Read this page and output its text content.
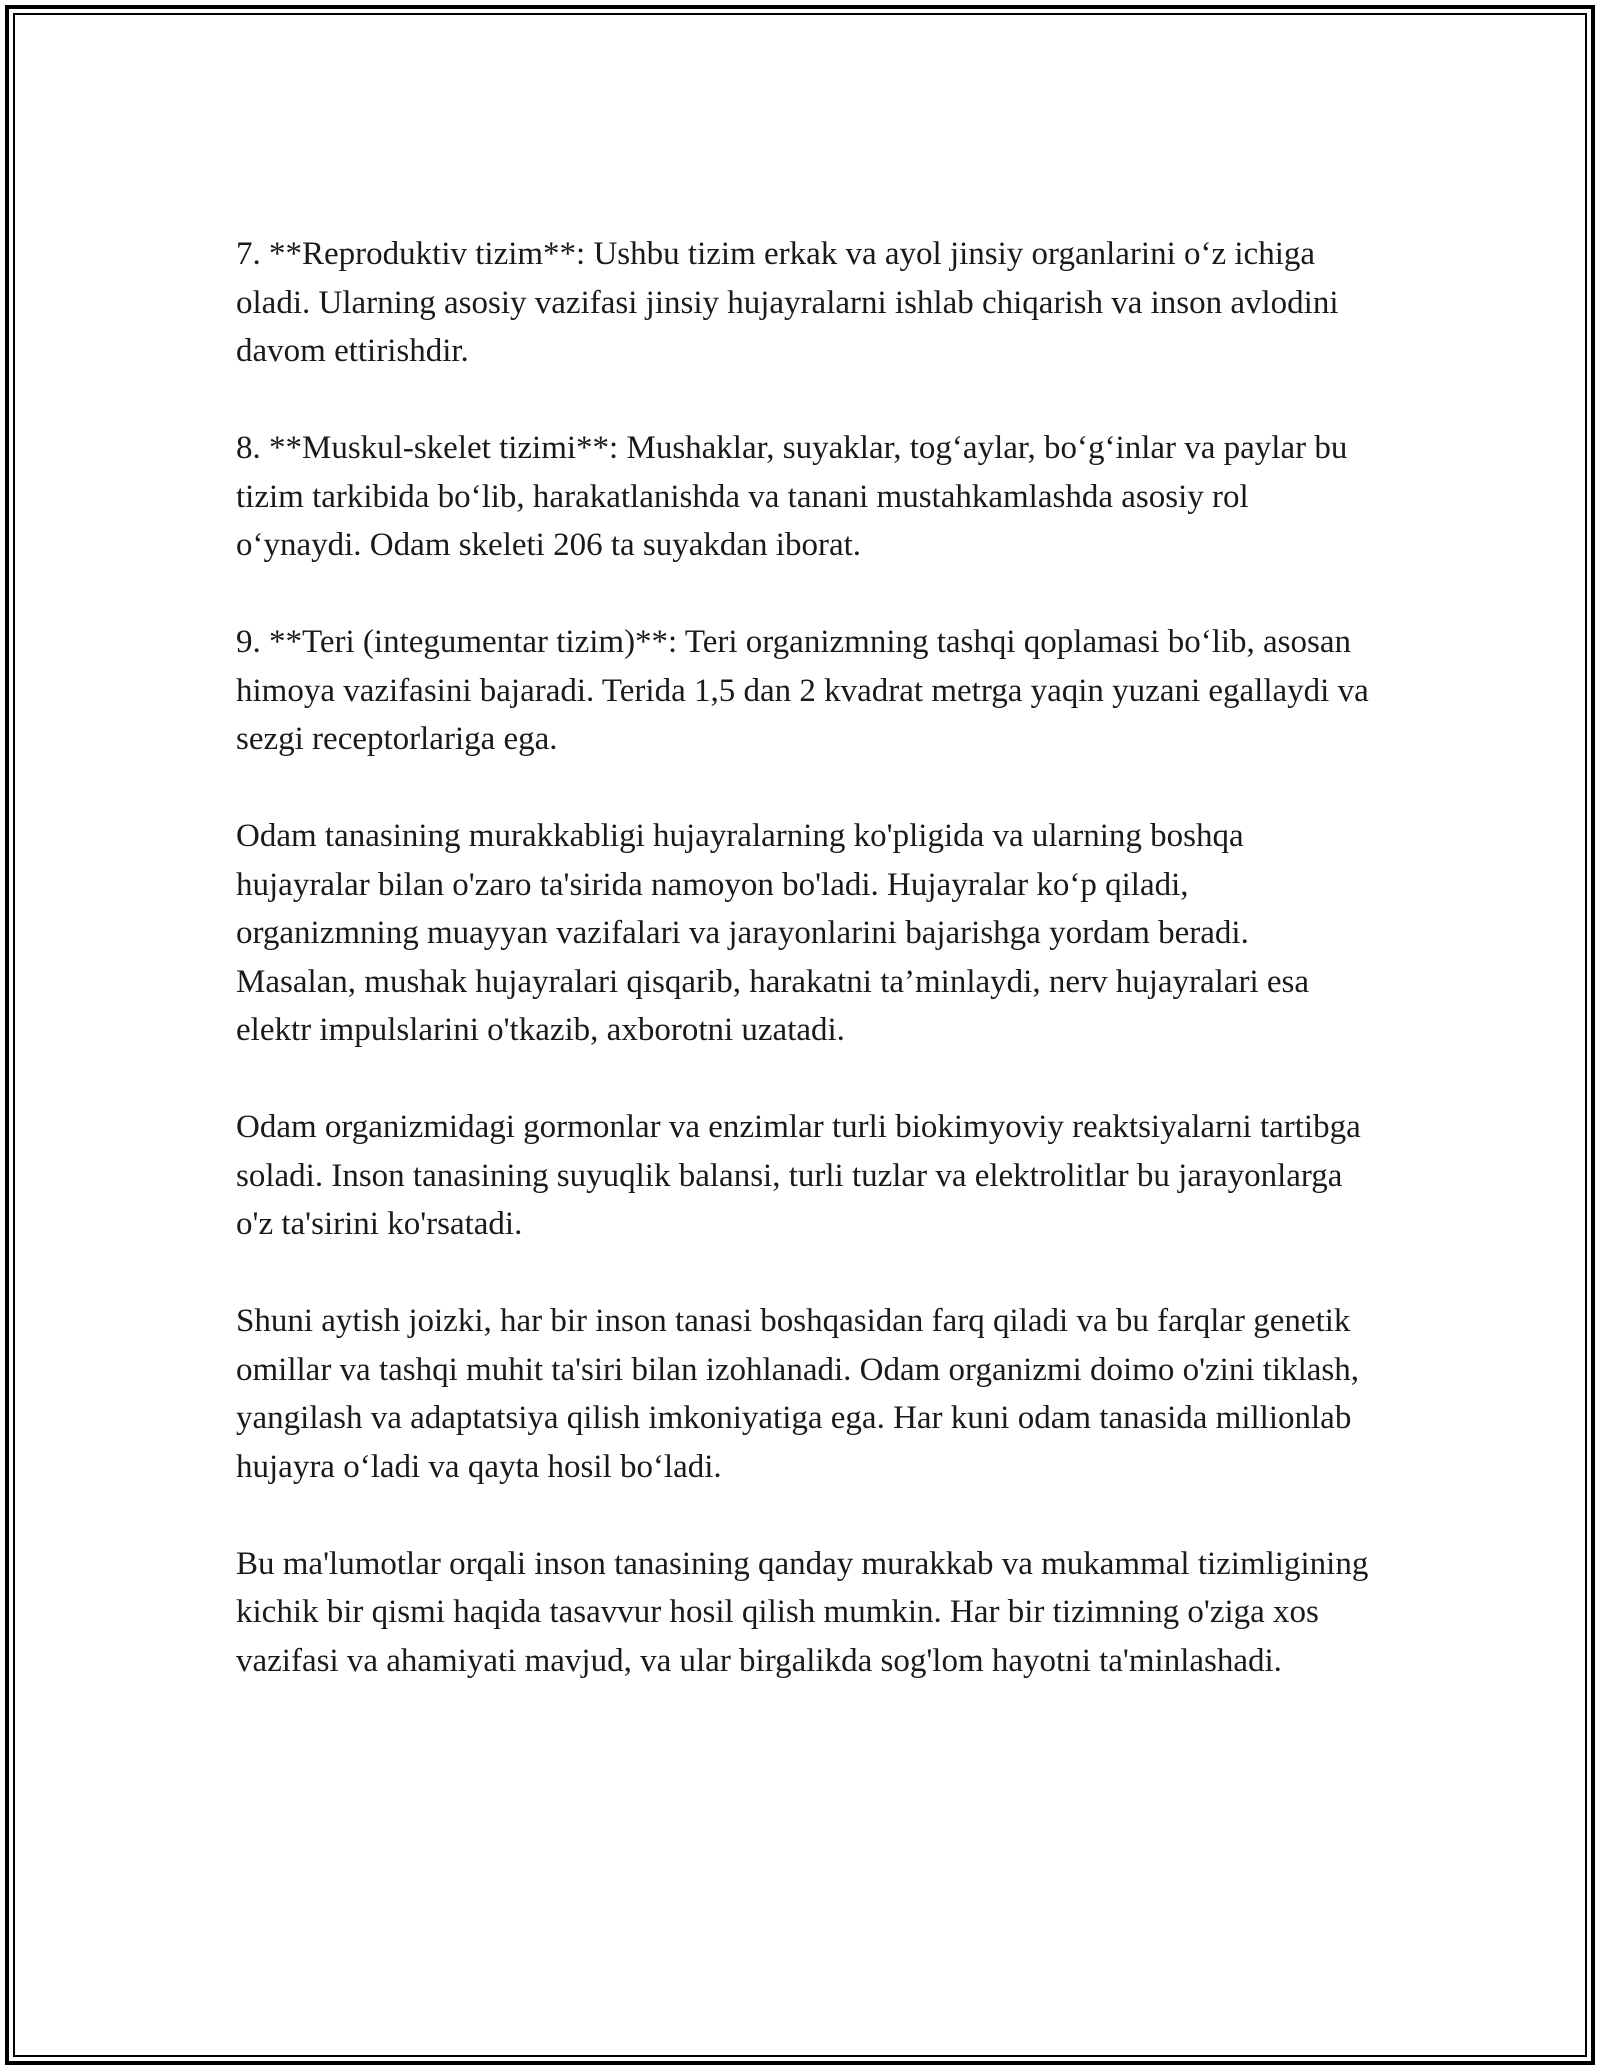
7. **Reproduktiv tizim**: Ushbu tizim erkak va ayol jinsiy organlarini o‘z ichiga oladi. Ularning asosiy vazifasi jinsiy hujayralarni ishlab chiqarish va inson avlodini davom ettirishdir.

8. **Muskul-skelet tizimi**: Mushaklar, suyaklar, tog‘aylar, bo‘g‘inlar va paylar bu tizim tarkibida bo‘lib, harakatlanishda va tanani mustahkamlashda asosiy rol o‘ynaydi. Odam skeleti 206 ta suyakdan iborat.

9. **Teri (integumentar tizim)**: Teri organizmning tashqi qoplamasi bo‘lib, asosan himoya vazifasini bajaradi. Terida 1,5 dan 2 kvadrat metrga yaqin yuzani egallaydi va sezgi receptorlariga ega.

Odam tanasining murakkabligi hujayralarning ko'pligida va ularning boshqa hujayralar bilan o'zaro ta'sirida namoyon bo'ladi. Hujayralar ko‘p qiladi, organizmning muayyan vazifalari va jarayonlarini bajarishga yordam beradi. Masalan, mushak hujayralari qisqarib, harakatni ta’minlaydi, nerv hujayralari esa elektr impulslarini o'tkazib, axborotni uzatadi.

Odam organizmidagi gormonlar va enzimlar turli biokimyoviy reaktsiyalarni tartibga soladi. Inson tanasining suyuqlik balansi, turli tuzlar va elektrolitlar bu jarayonlarga o'z ta'sirini ko'rsatadi.

Shuni aytish joizki, har bir inson tanasi boshqasidan farq qiladi va bu farqlar genetik omillar va tashqi muhit ta'siri bilan izohlanadi. Odam organizmi doimo o'zini tiklash, yangilash va adaptatsiya qilish imkoniyatiga ega. Har kuni odam tanasida millionlab hujayra o‘ladi va qayta hosil bo‘ladi.

Bu ma'lumotlar orqali inson tanasining qanday murakkab va mukammal tizimligining kichik bir qismi haqida tasavvur hosil qilish mumkin. Har bir tizimning o'ziga xos vazifasi va ahamiyati mavjud, va ular birgalikda sog'lom hayotni ta'minlashadi.
